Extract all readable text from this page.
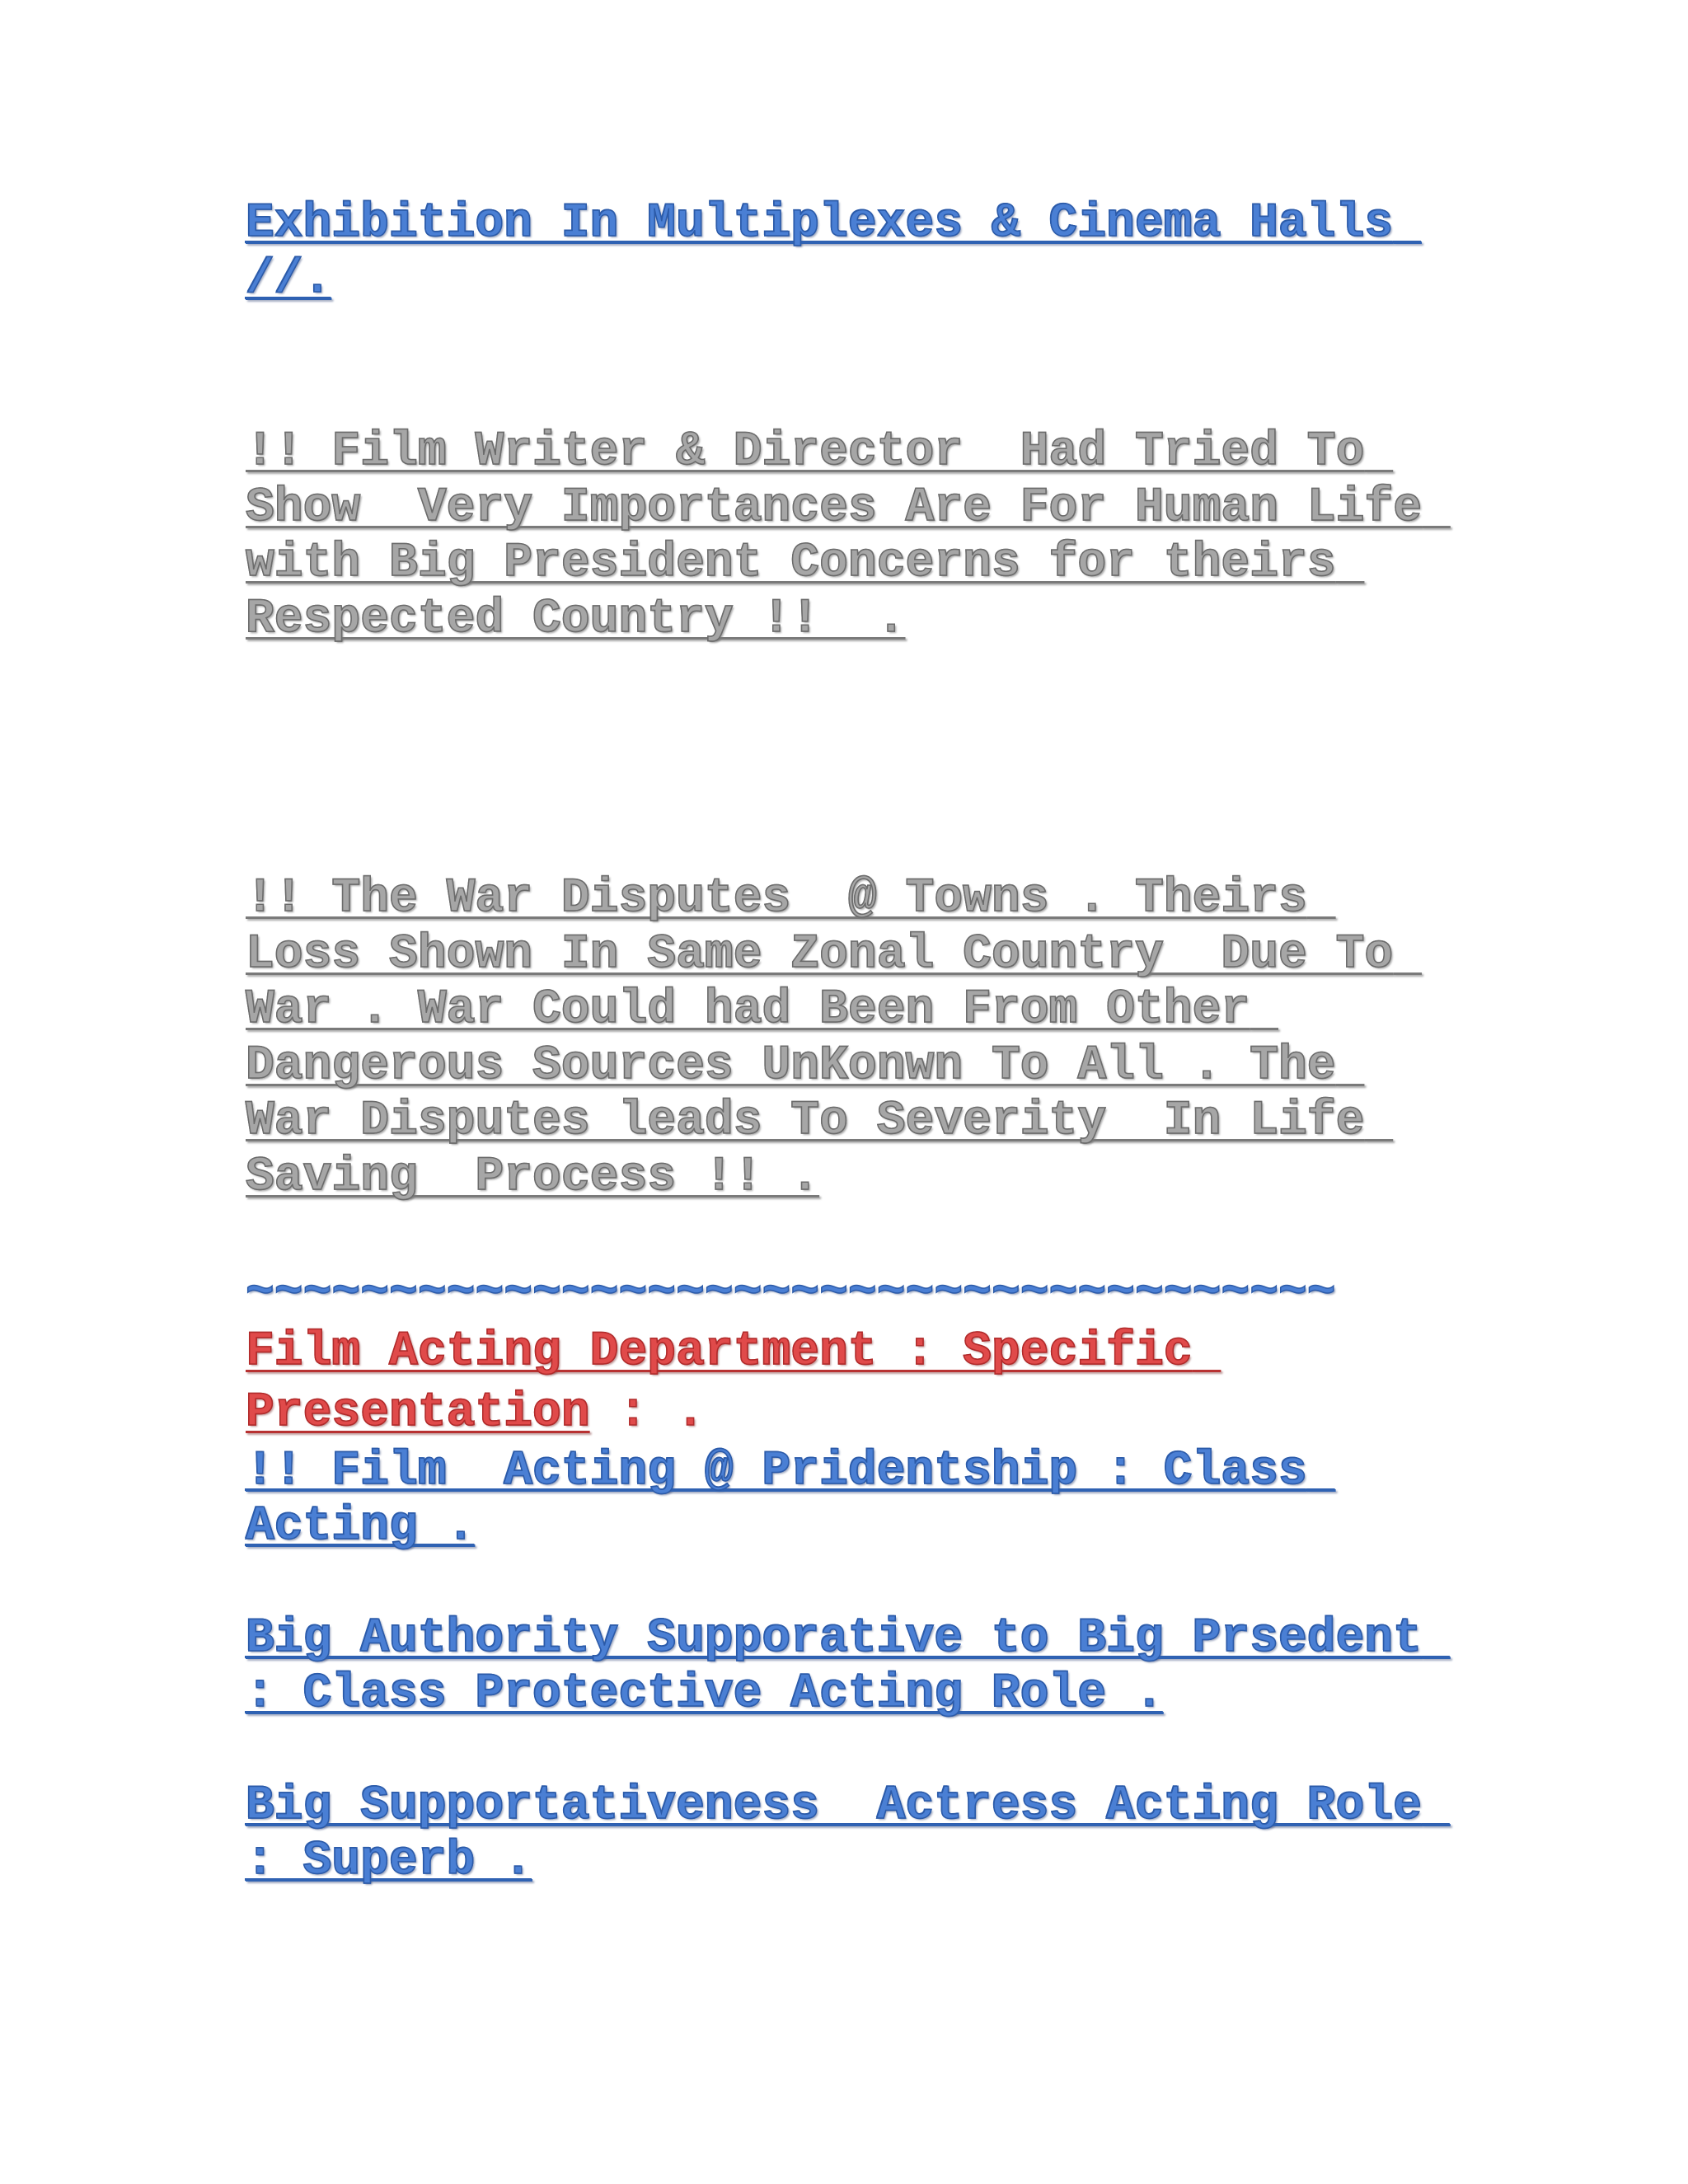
Exhibition In Multiplexes & Cinema Halls //.

!! Film Writer & Director  Had Tried To Show  Very Importances Are For Human Life with Big President Concerns for theirs Respected Country !!  .

!! The War Disputes  @ Towns . Theirs Loss Shown In Same Zonal Country  Due To War . War Could had Been From Other Dangerous Sources UnKonwn To All . The War Disputes leads To Severity  In Life Saving  Process !! .

~~~~~~~~~~~~~~~~~~~~~~~~~~~~~~~~~~~~~~

Film Acting Department : Specific Presentation : .

!! Film  Acting @ Pridentship : Class Acting .

Big Authority Supporative to Big Prsedent : Class Protective Acting Role .

Big Supportativeness  Actress Acting Role : Superb .
